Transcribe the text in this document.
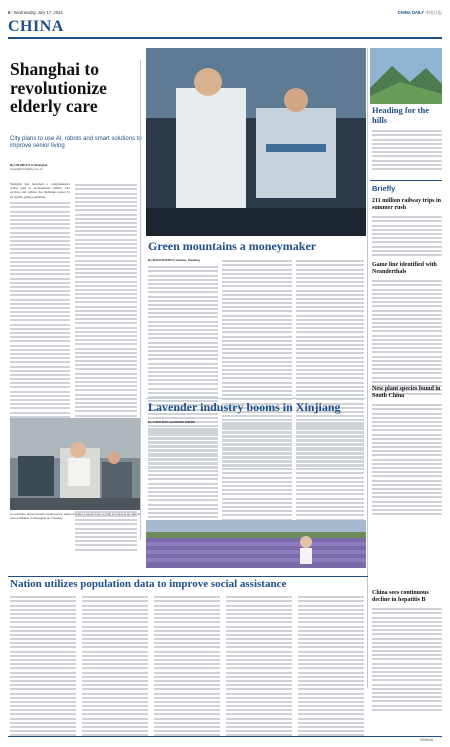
6 | Wednesday, July 17, 2024	CHINA DAILY 中国日报
CHINA
Shanghai to revolutionize elderly care
City plans to use AI, robots and smart solutions to improve senior living
By LIN WEI FU in Shanghai
linwei@chinadaily.com.cn
Shanghai has launched a comprehensive action plan to revolutionize elderly care services and address the challenges posed by its rapidly aging population.
An exhibitor demonstrates equipment to safely transfer a senior from a chair to a bed at an elderly care exhibition in Shanghai on Tuesday.
Heading for the hills
Briefly
211 million railway trips in summer rush
Game line identified with Neanderthals
New plant species found in South China
China sees continuous decline in hepatitis B
Green mountains a moneymaker
By ZHAO RUYAN in Huzhou, Zhejiang
Lavender industry booms in Xinjiang
By CHEN XIAO and DONG SHENG
Nation utilizes population data to improve social assistance
XINHUA
